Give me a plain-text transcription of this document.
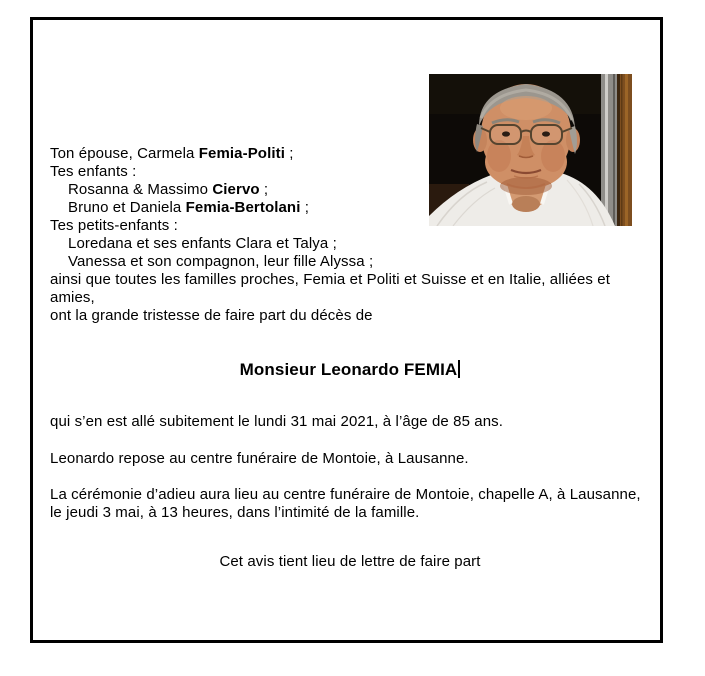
Ton épouse, Carmela Femia-Politi ;
Tes enfants :
Rosanna & Massimo Ciervo ;
Bruno et Daniela Femia-Bertolani ;
Tes petits-enfants :
Loredana et ses enfants Clara et Talya ;
Vanessa et son compagnon, leur fille Alyssa ;
ainsi que toutes les familles proches, Femia et Politi et Suisse et en Italie, alliées et
amies,
ont la grande tristesse de faire part du décès de
Monsieur Leonardo FEMIA

qui s’en est allé subitement le lundi 31 mai 2021, à l’âge de 85 ans.

Leonardo repose au centre funéraire de Montoie, à Lausanne.

La cérémonie d’adieu aura lieu au centre funéraire de Montoie, chapelle A, à Lausanne, le jeudi 3 mai, à 13 heures, dans l’intimité de la famille.

Cet avis tient lieu de lettre de faire part
